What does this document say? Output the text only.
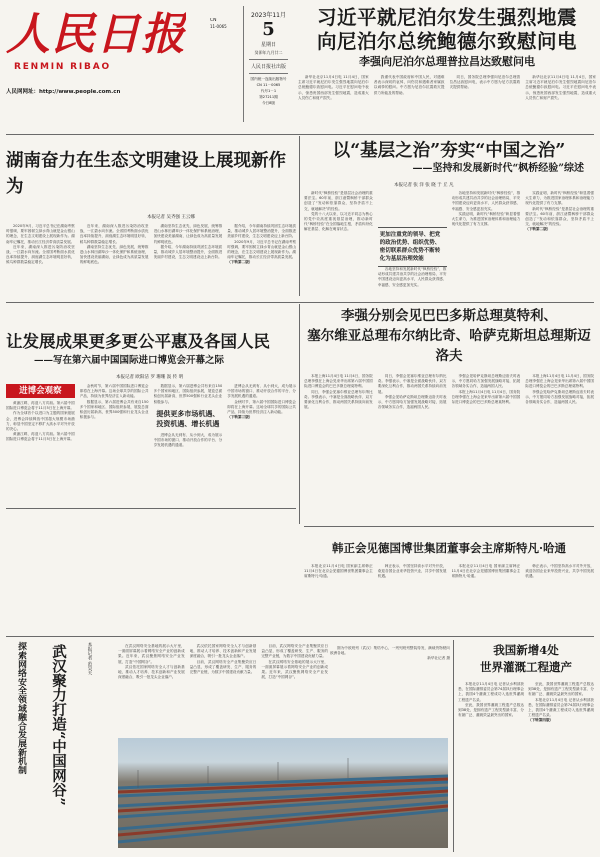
人民日报
RENMIN RIBAO
CN
11-0065
人民网网址：http://www.people.com.cn
2023年11月
5
星期日
癸卯年九月廿二
人民日报社出版
国内统一连续出版物号
CN 11－0065
代号1－1
第27211期
今日8版
习近平就尼泊尔发生强烈地震
向尼泊尔总统鲍德尔致慰问电
李强向尼泊尔总理普拉昌达致慰问电

新华社北京11月4日电 11月4日，国家主席习近平就尼泊尔发生强烈地震向尼泊尔总统鲍德尔致慰问电。习近平在慰问电中表示，惊悉贵国西部发生强烈地震，造成重大人员伤亡和财产损失。

我谨代表中国政府和中国人民，对遇难者表示深切的哀悼，向伤员和遇难者家属致以诚挚的慰问。中方愿为尼泊尔抗震救灾提供力所能及的帮助。

同日，国务院总理李强向尼泊尔总理普拉昌达致慰问电，表示中方愿为尼方抗震救灾提供帮助。

新华社北京11月4日电 11月4日，国家主席习近平就尼泊尔发生强烈地震向尼泊尔总统鲍德尔致慰问电。习近平在慰问电中表示，惊悉贵国西部发生强烈地震，造成重大人员伤亡和财产损失。

湖南奋力在生态文明建设上展现新作为
本报记者 吴齐强 王云娜

2020年9月，习近平总书记在湖南考察时强调，要牢固树立绿水青山就是金山银山的理念，在生态文明建设上展现新作为。湖南牢记嘱托，推动长江经济带高质量发展。

近年来，湖南深入推进污染防治攻坚战，一江碧水向东流。全省国考断面水质优良率持续提升，洞庭湖生态环境明显好转，候鸟种群数量稳定增长。

近年来，湖南深入推进污染防治攻坚战，一江碧水向东流。全省国考断面水质优良率持续提升，洞庭湖生态环境明显好转，候鸟种群数量稳定增长。

湖南坚持生态优先、绿色发展，统筹推进山水林田湖草沙一体化保护和系统治理，加快建设美丽湖南，让绿色成为高质量发展的鲜明底色。

湖南坚持生态优先、绿色发展，统筹推进山水林田湖草沙一体化保护和系统治理，加快建设美丽湖南，让绿色成为高质量发展的鲜明底色。

据介绍，今年湖南持续巩固生态环境质量，推动城乡人居环境整治提升，全面推进美丽乡村建设，生态文明建设迈上新台阶。

据介绍，今年湖南持续巩固生态环境质量，推动城乡人居环境整治提升，全面推进美丽乡村建设，生态文明建设迈上新台阶。

2020年9月，习近平总书记在湖南考察时强调，要牢固树立绿水青山就是金山银山的理念，在生态文明建设上展现新作为。湖南牢记嘱托，推动长江经济带高质量发展。

（下转第二版）
以“基层之治”夯实“中国之治”
——坚持和发展新时代“枫桥经验”综述
本报记者 张 洋 张 晓 于 丘 凡

新时代“枫桥经验”是基层社会治理的重要法宝。60年前，浙江诸暨枫桥干部群众创造了“发动和依靠群众，坚持矛盾不上交，就地解决”的经验。

党的十八大以来，以习近平同志为核心的党中央高度重视基层治理，推动新时代“枫桥经验”在全国落地生根，矛盾纠纷化解在基层、化解在萌芽状态。

更加注重党的领导、把党的政治优势、组织优势、密切联系群众优势不断转化为基层治理效能

各地坚持和发展新时代“枫桥经验”，推动形成共建共治共享的社会治理格局，平安中国建设迈向更高水平，人民群众获得感、幸福感、安全感更加充实。

各地坚持和发展新时代“枫桥经验”，推动形成共建共治共享的社会治理格局，平安中国建设迈向更高水平，人民群众获得感、幸福感、安全感更加充实。

实践证明，新时代“枫桥经验”彰显着强大生命力，为推进国家治理体系和治理能力现代化提供了有力支撑。

实践证明，新时代“枫桥经验”彰显着强大生命力，为推进国家治理体系和治理能力现代化提供了有力支撑。

新时代“枫桥经验”是基层社会治理的重要法宝。60年前，浙江诸暨枫桥干部群众创造了“发动和依靠群众，坚持矛盾不上交，就地解决”的经验。

（下转第二版）
让发展成果更多更公平惠及各国人民
——写在第六届中国国际进口博览会开幕之际
本报记者 欧阳洁 罗 珊珊 汲 传 明
进博会观察

黄浦江畔，再迎八方宾朋。第六届中国国际进口博览会将于11月5日在上海开幕。

作为全球首个以进口为主题的国家级展会，进博会持续释放中国超大规模市场潜力，彰显中国坚定不移扩大高水平对外开放的决心。

黄浦江畔，再迎八方宾朋。第六届中国国际进口博览会将于11月5日在上海开幕。

金秋时节，第六届中国国际进口博览会即将在上海开幕。这场全球共享的国际公共产品，持续为世界经济注入新动能。

数据显示，第六届进博会共有来自150多个国家和地区、国际组织参展，展览总面积创历届新高，世界500强和行业龙头企业积极参与。

数据显示，第六届进博会共有来自150多个国家和地区、国际组织参展，展览总面积创历届新高，世界500强和行业龙头企业积极参与。

提供更多市场机遇、投资机遇、增长机遇

进博会从无到有、从小到大，成为展示中国市场的窗口、推动开放合作的平台、分享发展机遇的通道。

进博会从无到有、从小到大，成为展示中国市场的窗口、推动开放合作的平台、分享发展机遇的通道。

金秋时节，第六届中国国际进口博览会即将在上海开幕。这场全球共享的国际公共产品，持续为世界经济注入新动能。

（下转第三版）
李强分别会见巴巴多斯总理莫特利、
塞尔维亚总理布尔纳比奇、哈萨克斯坦总理斯迈洛夫

本报上海11月4日电 11月4日，国务院总理李强在上海会见来华出席第六届中国国际进口博览会的巴巴多斯总理莫特利。

同日，李强会见塞尔维亚总理布尔纳比奇。李强表示，中塞是全面战略伙伴，双方要深化互利合作，推动两国关系持续向前发展。

同日，李强会见塞尔维亚总理布尔纳比奇。李强表示，中塞是全面战略伙伴，双方要深化互利合作，推动两国关系持续向前发展。

李强会见哈萨克斯坦总理斯迈洛夫时表示，中方愿同哈方加强发展战略对接，拓展各领域务实合作，造福两国人民。

李强会见哈萨克斯坦总理斯迈洛夫时表示，中方愿同哈方加强发展战略对接，拓展各领域务实合作，造福两国人民。

本报上海11月4日电 11月4日，国务院总理李强在上海会见来华出席第六届中国国际进口博览会的巴巴多斯总理莫特利。

本报上海11月4日电 11月4日，国务院总理李强在上海会见来华出席第六届中国国际进口博览会的巴巴多斯总理莫特利。

李强会见哈萨克斯坦总理斯迈洛夫时表示，中方愿同哈方加强发展战略对接，拓展各领域务实合作，造福两国人民。

韩正会见德国博世集团董事会主席斯特凡·哈通

本报北京11月4日电 国家副主席韩正11月4日在北京会见德国博世集团董事会主席斯特凡·哈通。

韩正表示，中国坚持高水平对外开放，欢迎各国企业来华投资兴业，共享中国发展机遇。

本报北京11月4日电 国家副主席韩正11月4日在北京会见德国博世集团董事会主席斯特凡·哈通。

韩正表示，中国坚持高水平对外开放，欢迎各国企业来华投资兴业，共享中国发展机遇。

武汉聚力打造“中国网谷”
探索网络安全领域融合发展新机制	本报记者 范昊天	在武汉网络安全基地的展示大厅里，一面面屏幕展示着网络安全产业的创新成果。近年来，武汉聚焦网络安全产业发展，打造“中国网谷”。

武汉依托国家网络安全人才与创新基地，推动人才培养、技术创新和产业发展深度融合，吸引一批龙头企业落户。

武汉依托国家网络安全人才与创新基地，推动人才培养、技术创新和产业发展深度融合，吸引一批龙头企业落户。

目前，武汉网络安全产业集聚效应日益凸显，形成了覆盖研发、生产、服务的完整产业链，为数字中国建设贡献力量。

目前，武汉网络安全产业集聚效应日益凸显，形成了覆盖研发、生产、服务的完整产业链，为数字中国建设贡献力量。

在武汉网络安全基地的展示大厅里，一面面屏幕展示着网络安全产业的创新成果。近年来，武汉聚焦网络安全产业发展，打造“中国网谷”。

图为中欧班列（武汉）集结中心，一列列班列整装待发，满载货物驶向欧洲各地。

新华社记者 摄

我国新增4处
世界灌溉工程遗产

本报北京11月4日电 记者从水利部获悉，在国际灌排委员会第74届执行理事会上，我国4个灌溉工程成功入选世界灌溉工程遗产名录。

至此，我国世界灌溉工程遗产总数达到38处，是拥有遗产工程类型最丰富、分布最广泛、灌溉效益最突出的国家。

至此，我国世界灌溉工程遗产总数达到38处，是拥有遗产工程类型最丰富、分布最广泛、灌溉效益最突出的国家。

本报北京11月4日电 记者从水利部获悉，在国际灌排委员会第74届执行理事会上，我国4个灌溉工程成功入选世界灌溉工程遗产名录。

（下转第四版）
